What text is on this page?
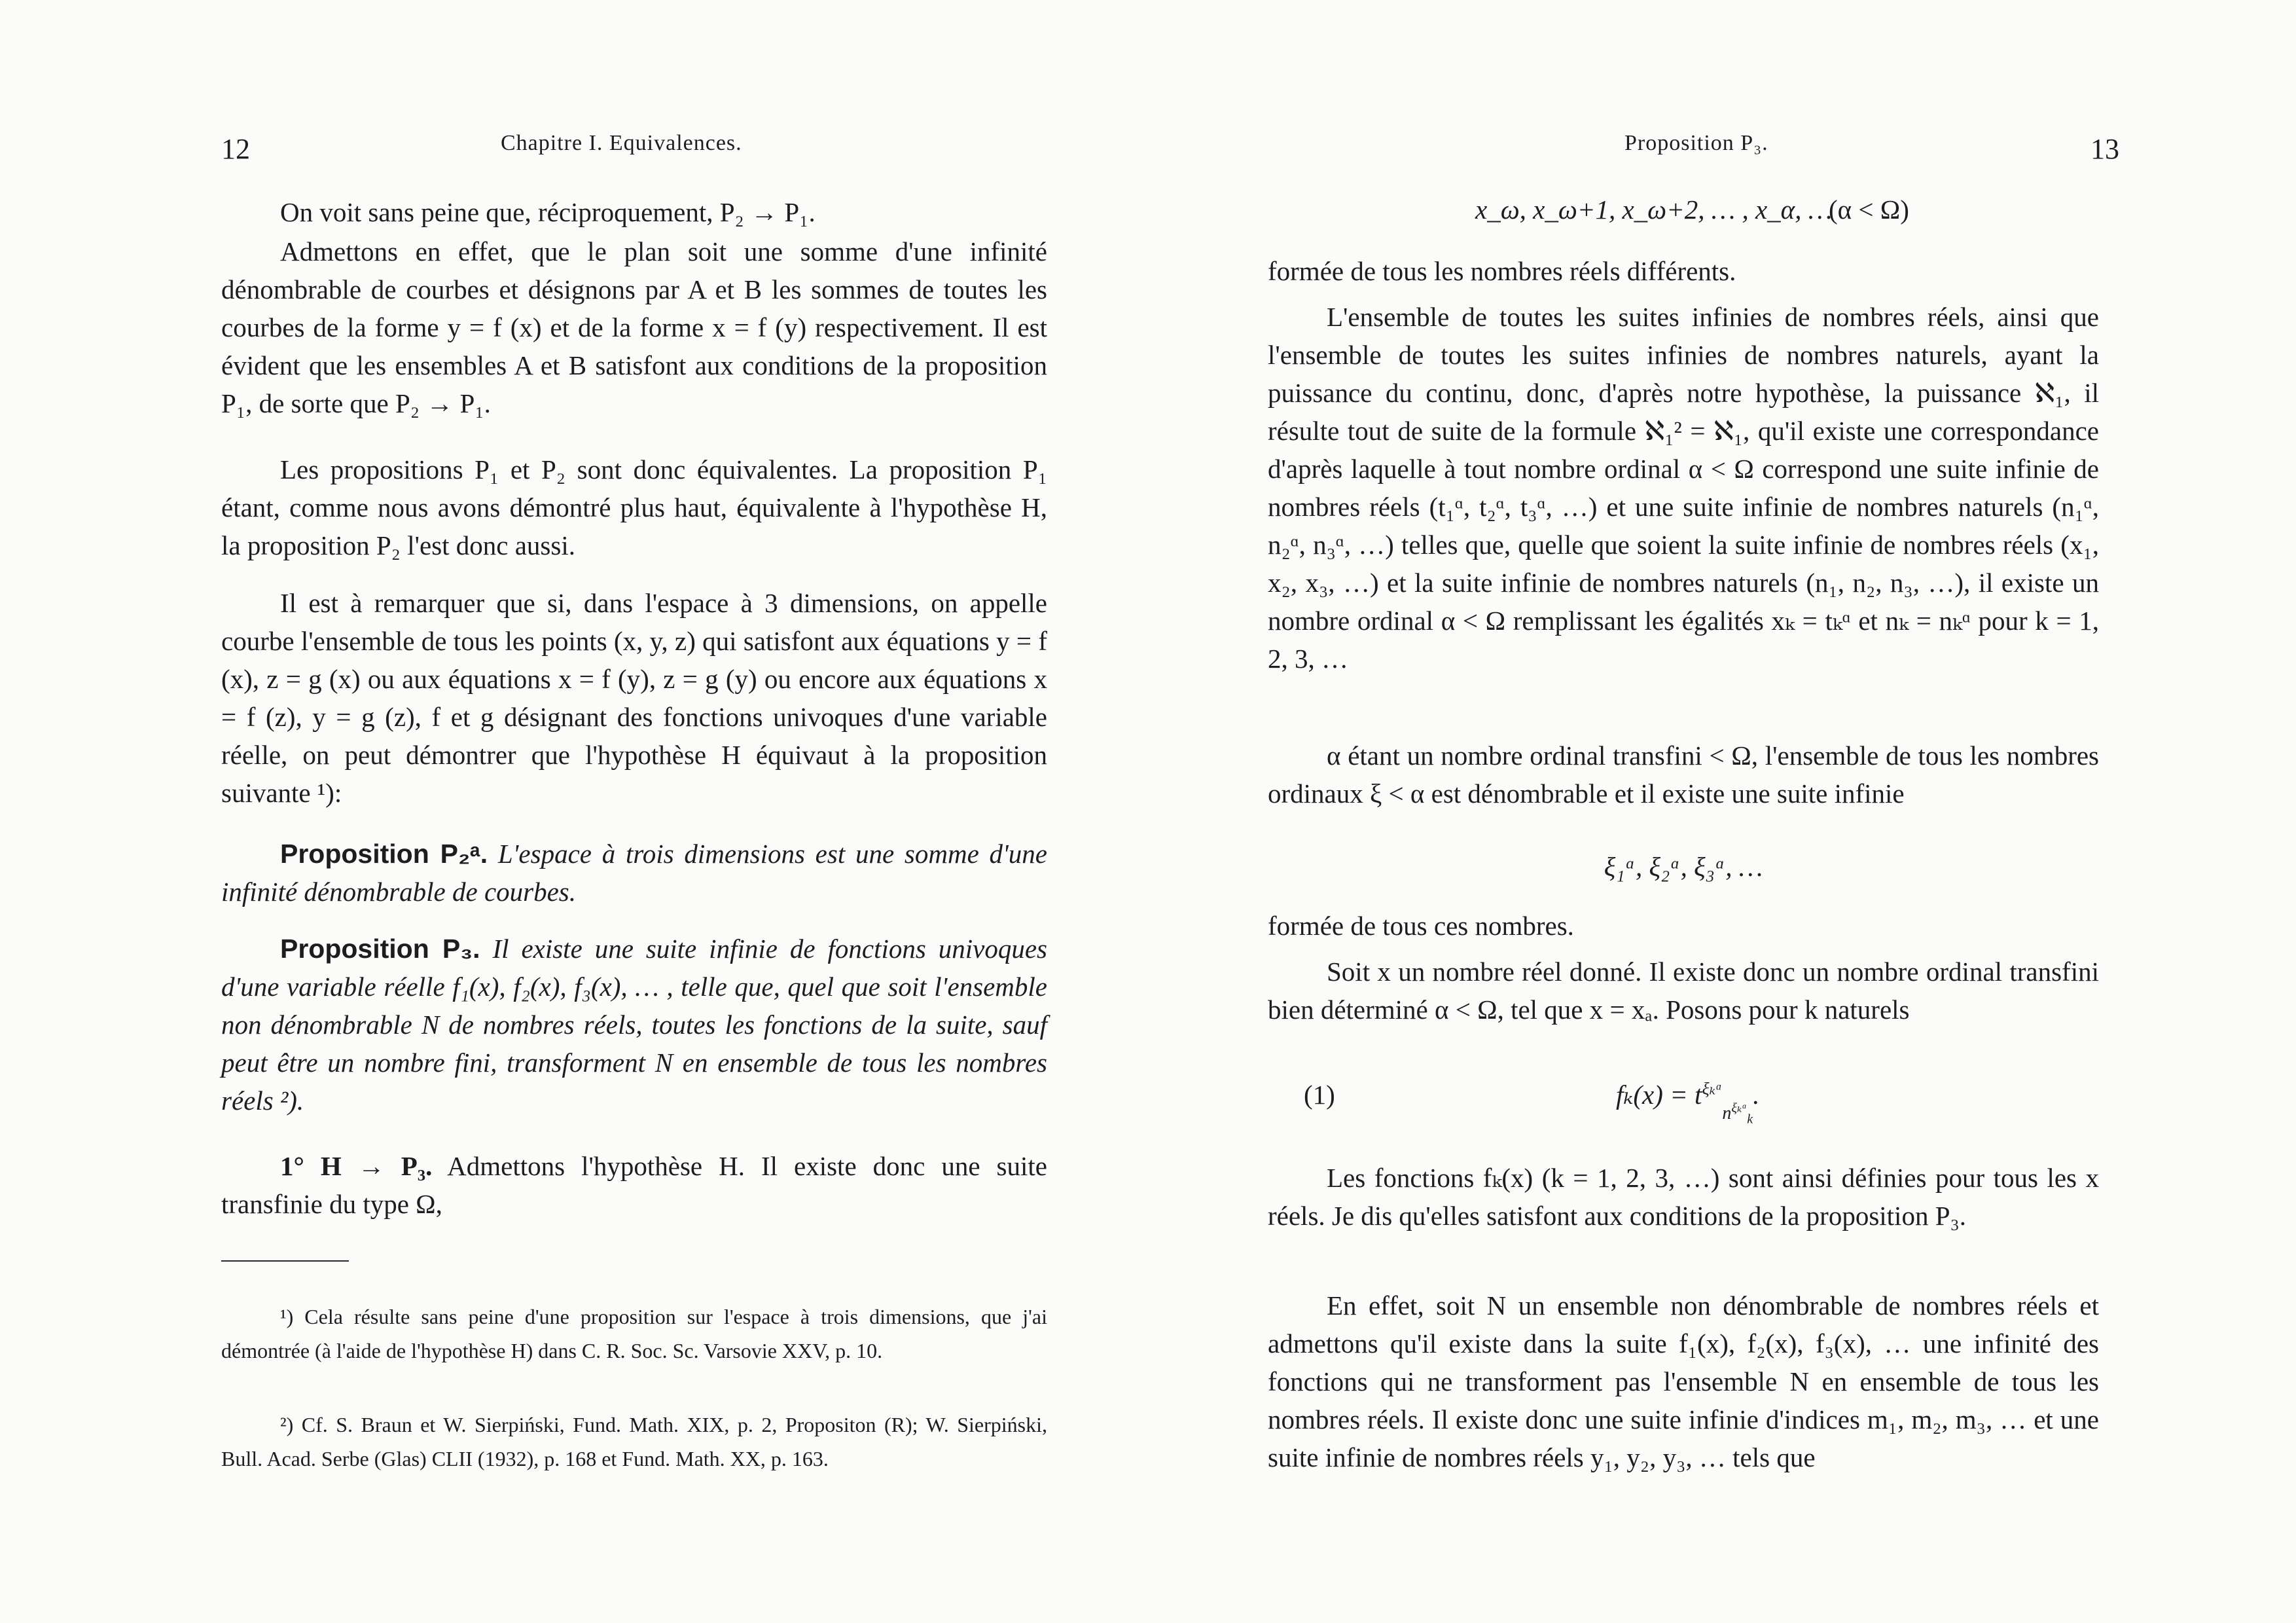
12	Chapitre I. Equivalences.
On voit sans peine que, réciproquement, P₂ → P₁.
Admettons en effet, que le plan soit une somme d'une infinité dénombrable de courbes et désignons par A et B les sommes de toutes les courbes de la forme y = f (x) et de la forme x = f (y) respectivement. Il est évident que les ensembles A et B satisfont aux conditions de la proposition P₁, de sorte que P₂ → P₁.
Les propositions P₁ et P₂ sont donc équivalentes. La proposition P₁ étant, comme nous avons démontré plus haut, équivalente à l'hypothèse H, la proposition P₂ l'est donc aussi.
Il est à remarquer que si, dans l'espace à 3 dimensions, on appelle courbe l'ensemble de tous les points (x, y, z) qui satisfont aux équations y = f (x), z = g (x) ou aux équations x = f (y), z = g (y) ou encore aux équations x = f (z), y = g (z), f et g désignant des fonctions univoques d'une variable réelle, on peut démontrer que l'hypothèse H équivaut à la proposition suivante ¹):
Proposition P₂ᵃ. L'espace à trois dimensions est une somme d'une infinité dénombrable de courbes.
Proposition P₃. Il existe une suite infinie de fonctions univoques d'une variable réelle f₁(x), f₂(x), f₃(x), … , telle que, quel que soit l'ensemble non dénombrable N de nombres réels, toutes les fonctions de la suite, sauf peut être un nombre fini, transforment N en ensemble de tous les nombres réels ²).
1° H → P₃. Admettons l'hypothèse H. Il existe donc une suite transfinie du type Ω,
¹) Cela résulte sans peine d'une proposition sur l'espace à trois dimensions, que j'ai démontrée (à l'aide de l'hypothèse H) dans C. R. Soc. Sc. Varsovie XXV, p. 10.
²) Cf. S. Braun et W. Sierpiński, Fund. Math. XIX, p. 2, Propositon (R); W. Sierpiński, Bull. Acad. Serbe (Glas) CLII (1932), p. 168 et Fund. Math. XX, p. 163.
Proposition P₃.	13
x_ω, x_ω+1, x_ω+2, … , x_α, …
(α < Ω)
formée de tous les nombres réels différents.
L'ensemble de toutes les suites infinies de nombres réels, ainsi que l'ensemble de toutes les suites infinies de nombres naturels, ayant la puissance du continu, donc, d'après notre hypothèse, la puissance ℵ₁, il résulte tout de suite de la formule ℵ₁² = ℵ₁, qu'il existe une correspondance d'après laquelle à tout nombre ordinal α < Ω correspond une suite infinie de nombres réels (t₁ᵅ, t₂ᵅ, t₃ᵅ, …) et une suite infinie de nombres naturels (n₁ᵅ, n₂ᵅ, n₃ᵅ, …) telles que, quelle que soient la suite infinie de nombres réels (x₁, x₂, x₃, …) et la suite infinie de nombres naturels (n₁, n₂, n₃, …), il existe un nombre ordinal α < Ω remplissant les égalités xₖ = tₖᵅ et nₖ = nₖᵅ pour k = 1, 2, 3, …
α étant un nombre ordinal transfini < Ω, l'ensemble de tous les nombres ordinaux ξ < α est dénombrable et il existe une suite infinie
ξ₁ᵅ, ξ₂ᵅ, ξ₃ᵅ, …
formée de tous ces nombres.
Soit x un nombre réel donné. Il existe donc un nombre ordinal transfini bien déterminé α < Ω, tel que x = xₐ. Posons pour k naturels
(1)	$f_k(x) = t^{\xi_kᵅ}_{n^{\xi_kᵅ}_k}$.
Les fonctions fₖ(x) (k = 1, 2, 3, …) sont ainsi définies pour tous les x réels. Je dis qu'elles satisfont aux conditions de la proposition P₃.
En effet, soit N un ensemble non dénombrable de nombres réels et admettons qu'il existe dans la suite f₁(x), f₂(x), f₃(x), … une infinité des fonctions qui ne transforment pas l'ensemble N en ensemble de tous les nombres réels. Il existe donc une suite infinie d'indices m₁, m₂, m₃, … et une suite infinie de nombres réels y₁, y₂, y₃, … tels que
